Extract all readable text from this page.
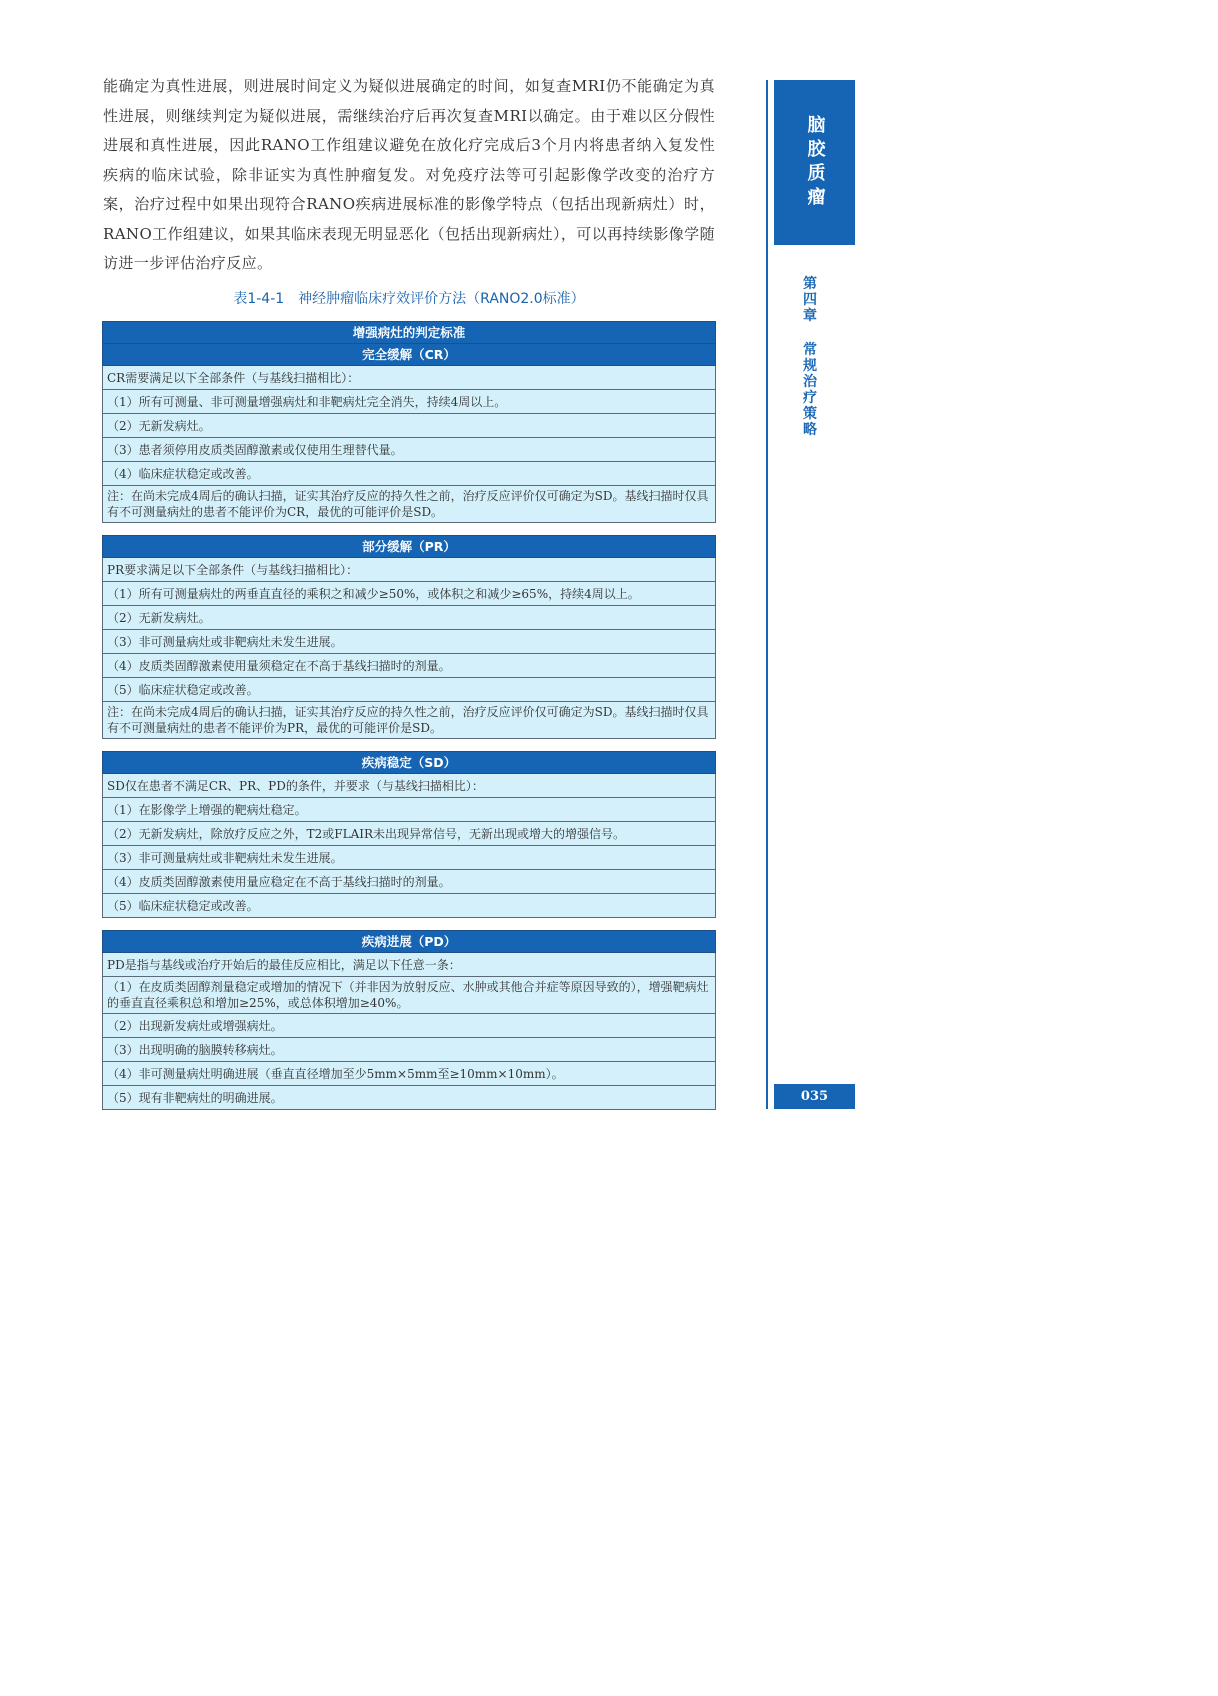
能确定为真性进展，则进展时间定义为疑似进展确定的时间，如复查MRI仍不能确定为真性进展，则继续判定为疑似进展，需继续治疗后再次复查MRI以确定。由于难以区分假性进展和真性进展，因此RANO工作组建议避免在放化疗完成后3个月内将患者纳入复发性疾病的临床试验，除非证实为真性肿瘤复发。对免疫疗法等可引起影像学改变的治疗方案，治疗过程中如果出现符合RANO疾病进展标准的影像学特点（包括出现新病灶）时，RANO工作组建议，如果其临床表现无明显恶化（包括出现新病灶），可以再持续影像学随访进一步评估治疗反应。

表1-4-1　神经肿瘤临床疗效评价方法（RANO2.0标准）
增强病灶的判定标准
完全缓解（CR）
CR需要满足以下全部条件（与基线扫描相比）：
（1）所有可测量、非可测量增强病灶和非靶病灶完全消失，持续4周以上。
（2）无新发病灶。
（3）患者须停用皮质类固醇激素或仅使用生理替代量。
（4）临床症状稳定或改善。
注：在尚未完成4周后的确认扫描，证实其治疗反应的持久性之前，治疗反应评价仅可确定为SD。基线扫描时仅具有不可测量病灶的患者不能评价为CR，最优的可能评价是SD。
部分缓解（PR）
PR要求满足以下全部条件（与基线扫描相比）：
（1）所有可测量病灶的两垂直直径的乘积之和减少≥50%，或体积之和减少≥65%，持续4周以上。
（2）无新发病灶。
（3）非可测量病灶或非靶病灶未发生进展。
（4）皮质类固醇激素使用量须稳定在不高于基线扫描时的剂量。
（5）临床症状稳定或改善。
注：在尚未完成4周后的确认扫描，证实其治疗反应的持久性之前，治疗反应评价仅可确定为SD。基线扫描时仅具有不可测量病灶的患者不能评价为PR，最优的可能评价是SD。
疾病稳定（SD）
SD仅在患者不满足CR、PR、PD的条件，并要求（与基线扫描相比）：
（1）在影像学上增强的靶病灶稳定。
（2）无新发病灶，除放疗反应之外，T2或FLAIR未出现异常信号，无新出现或增大的增强信号。
（3）非可测量病灶或非靶病灶未发生进展。
（4）皮质类固醇激素使用量应稳定在不高于基线扫描时的剂量。
（5）临床症状稳定或改善。
疾病进展（PD）
PD是指与基线或治疗开始后的最佳反应相比，满足以下任意一条：
（1）在皮质类固醇剂量稳定或增加的情况下（并非因为放射反应、水肿或其他合并症等原因导致的），增强靶病灶的垂直直径乘积总和增加≥25%，或总体积增加≥40%。
（2）出现新发病灶或增强病灶。
（3）出现明确的脑膜转移病灶。
（4）非可测量病灶明确进展（垂直直径增加至少5mm×5mm至≥10mm×10mm）。
（5）现有非靶病灶的明确进展。
脑胶质瘤
第
四
章

常
规
治
疗
策
略
035
